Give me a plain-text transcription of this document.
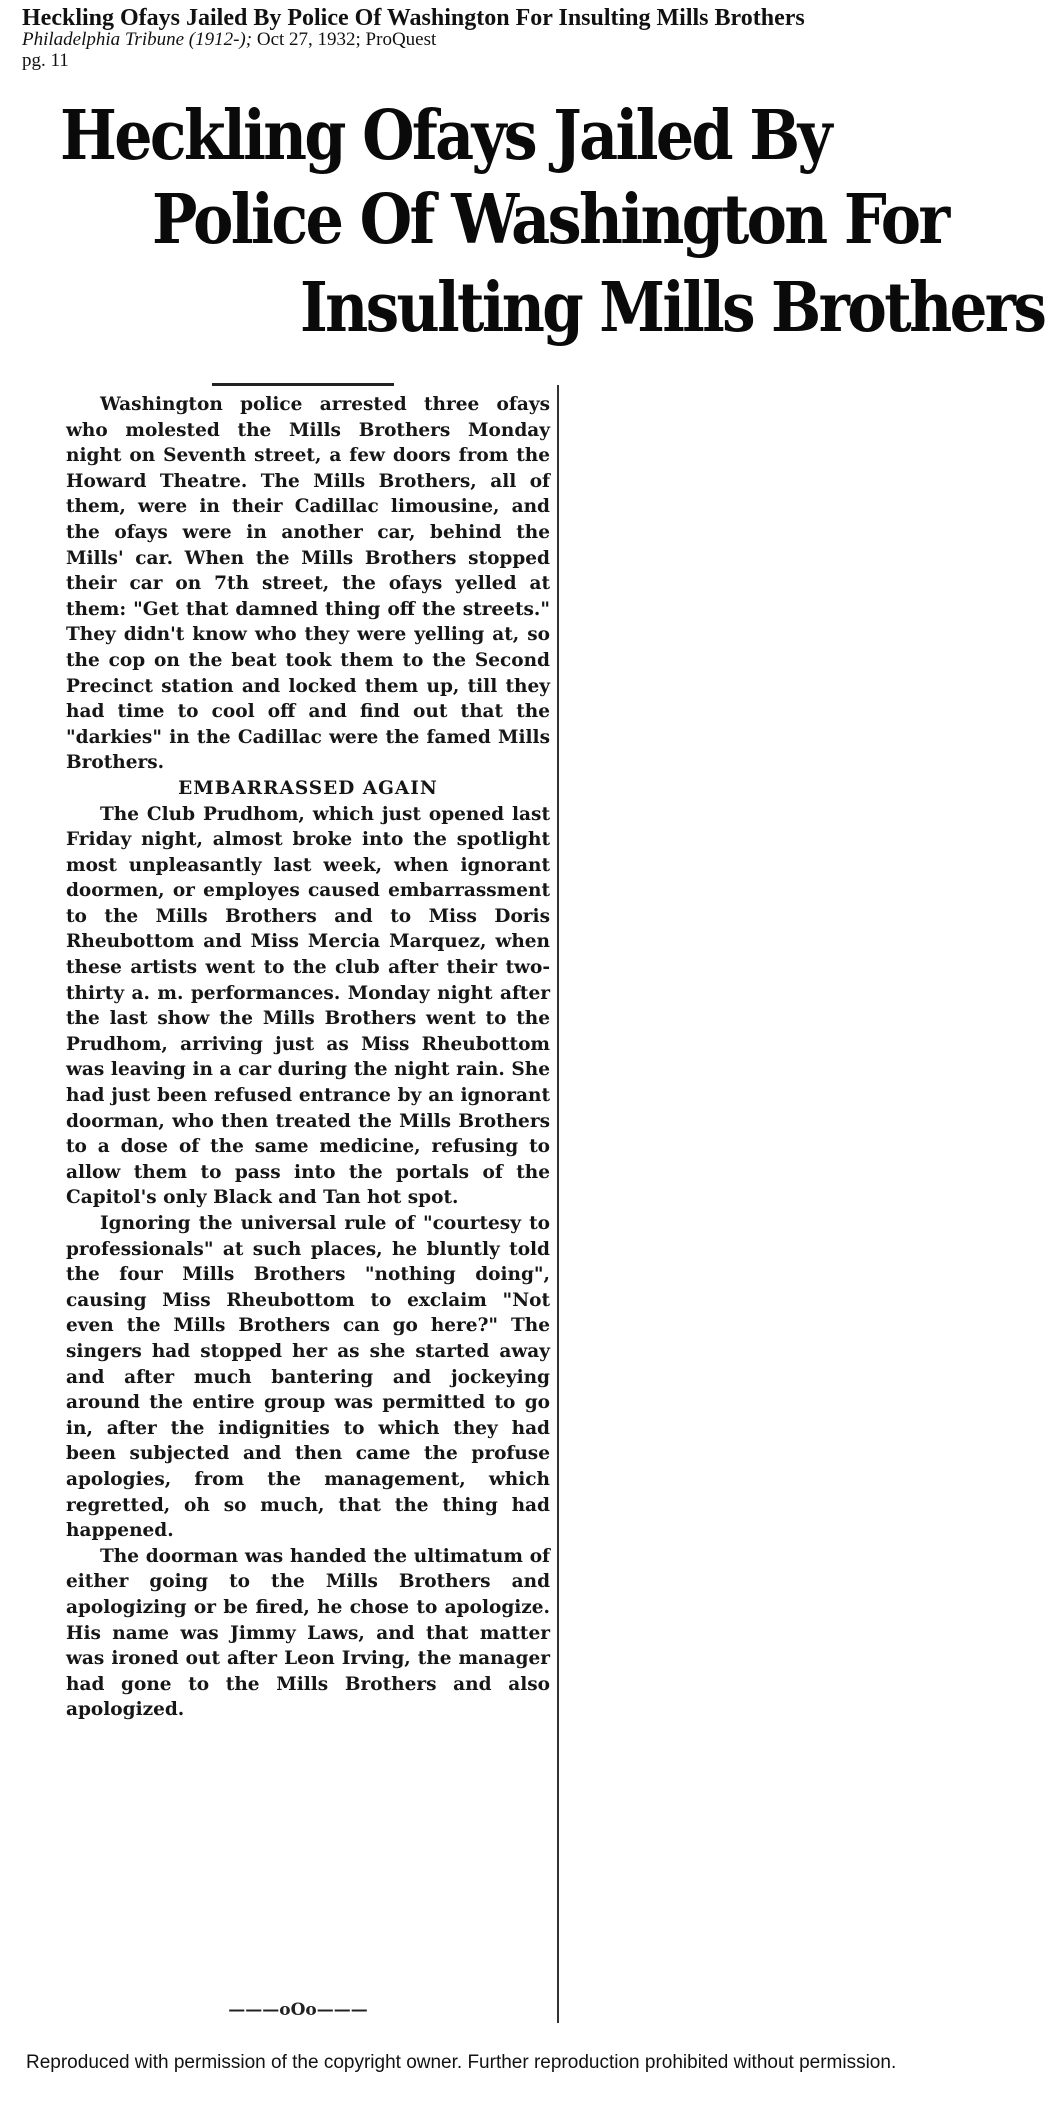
Heckling Ofays Jailed By Police Of Washington For Insulting Mills Brothers
Philadelphia Tribune (1912-); Oct 27, 1932; ProQuest
pg. 11
Heckling Ofays Jailed By
Police Of Washington For
Insulting Mills Brothers

Washington police arrested three ofays who molested the Mills Brothers Monday night on Seventh street, a few doors from the Howard Theatre. The Mills Brothers, all of them, were in their Cadillac limousine, and the ofays were in another car, behind the Mills' car. When the Mills Brothers stopped their car on 7th street, the ofays yelled at them: "Get that damned thing off the streets." They didn't know who they were yelling at, so the cop on the beat took them to the Second Precinct station and locked them up, till they had time to cool off and find out that the "darkies" in the Cadillac were the famed Mills Brothers.

EMBARRASSED AGAIN

The Club Prudhom, which just opened last Friday night, almost broke into the spotlight most unpleasantly last week, when ignorant doormen, or employes caused embarrassment to the Mills Brothers and to Miss Doris Rheubottom and Miss Mercia Marquez, when these artists went to the club after their two-thirty a. m. performances. Monday night after the last show the Mills Brothers went to the Prudhom, arriving just as Miss Rheubottom was leaving in a car during the night rain. She had just been refused entrance by an ignorant doorman, who then treated the Mills Brothers to a dose of the same medicine, refusing to allow them to pass into the portals of the Capitol's only Black and Tan hot spot.

Ignoring the universal rule of "courtesy to professionals" at such places, he bluntly told the four Mills Brothers "nothing doing", causing Miss Rheubottom to exclaim "Not even the Mills Brothers can go here?" The singers had stopped her as she started away and after much bantering and jockeying around the entire group was permitted to go in, after the indignities to which they had been subjected and then came the profuse apologies, from the management, which regretted, oh so much, that the thing had happened.

The doorman was handed the ultimatum of either going to the Mills Brothers and apologizing or be fired, he chose to apologize. His name was Jimmy Laws, and that matter was ironed out after Leon Irving, the manager had gone to the Mills Brothers and also apologized.

———oOo———
Reproduced with permission of the copyright owner. Further reproduction prohibited without permission.
